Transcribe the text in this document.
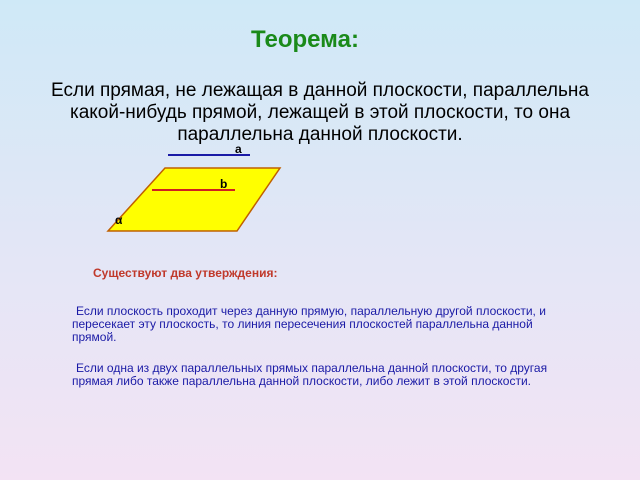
Теорема:
Если прямая, не лежащая в данной плоскости, параллельна какой-нибудь прямой, лежащей в этой плоскости, то она параллельна данной плоскости.
a
b
α
Существуют два утверждения:
Если плоскость проходит через данную прямую, параллельную другой плоскости, и пересекает эту плоскость, то линия пересечения плоскостей параллельна данной прямой.
Если одна из двух параллельных прямых параллельна данной плоскости, то другая прямая либо также параллельна данной плоскости, либо лежит в этой плоскости.
